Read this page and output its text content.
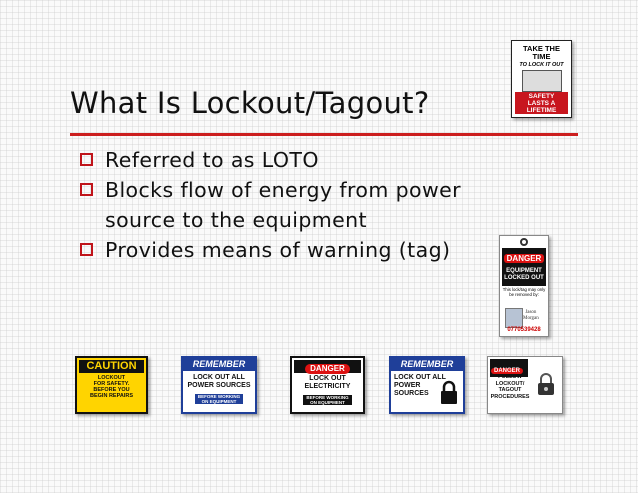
What Is Lockout/Tagout?
Referred to as LOTO
Blocks flow of energy from power source to the equipment
Provides means of warning (tag)
TAKE THE
TIME
TO LOCK IT OUT
SAFETY
LASTS A
LIFETIME
DANGER
EQUIPMENT
LOCKED OUT
This lock/tag may only
be removed by:
Jason
Morgan
0770539428
CAUTION
LOCKOUT
FOR SAFETY.
BEFORE YOU
BEGIN REPAIRS
REMEMBER
LOCK OUT ALL
POWER SOURCES
BEFORE WORKING
ON EQUIPMENT
DANGER
LOCK OUT
ELECTRICITY
BEFORE WORKING
ON EQUIPMENT
REMEMBER
LOCK OUT ALL
POWER
SOURCES
DANGER
FOLLOW
LOCKOUT/
TAGOUT
PROCEDURES
